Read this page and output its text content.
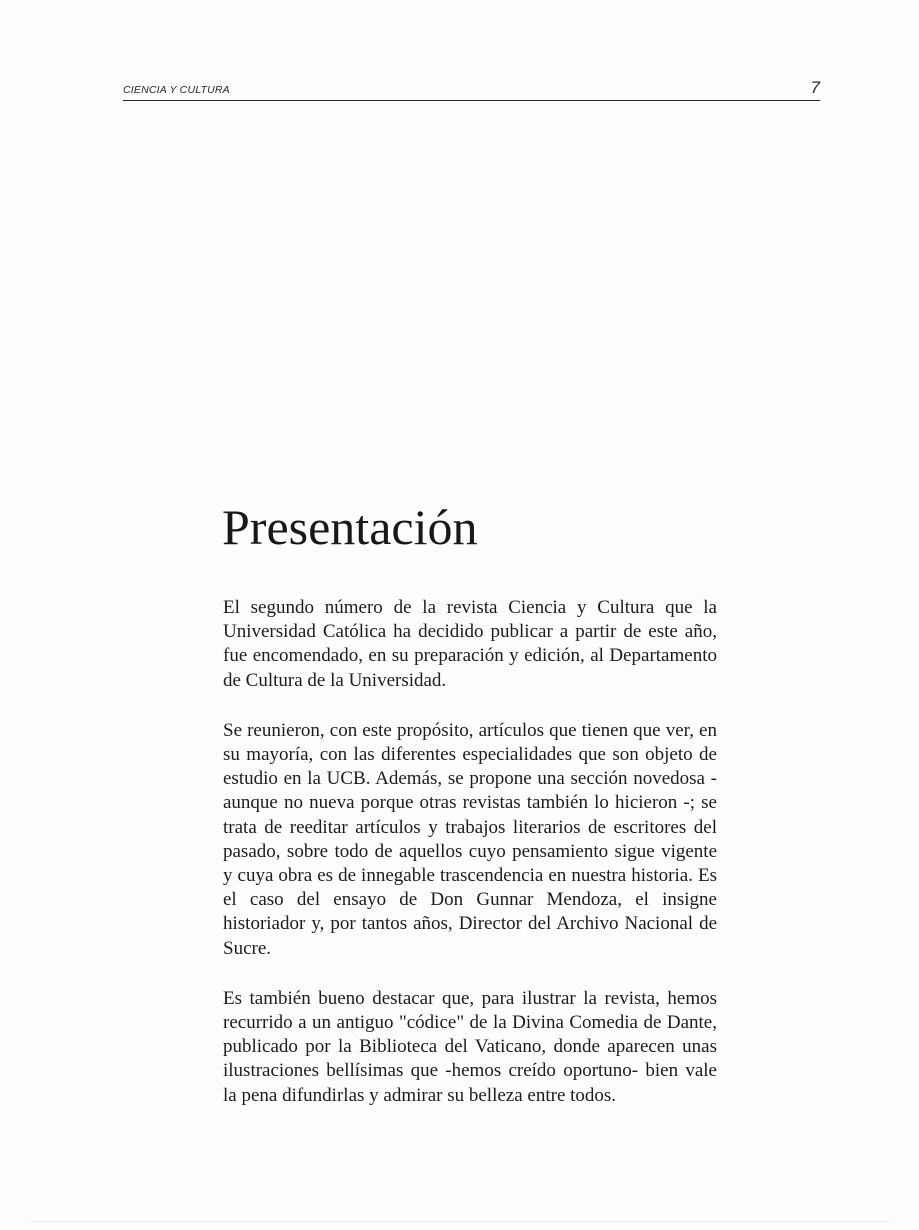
CIENCIA Y CULTURA	7
Presentación

El segundo número de la revista Ciencia y Cultura que la Universidad Católica ha decidido publicar a partir de este año, fue encomendado, en su preparación y edición, al Departamento de Cultura de la Universidad.

Se reunieron, con este propósito, artículos que tienen que ver, en su mayoría, con las diferentes especialidades que son objeto de estudio en la UCB. Además, se propone una sección novedosa - aunque no nueva porque otras revistas también lo hicieron -; se trata de reeditar artículos y trabajos literarios de escritores del pasado, sobre todo de aquellos cuyo pensamiento sigue vigente y cuya obra es de innegable trascendencia en nuestra historia. Es el caso del ensayo de Don Gunnar Mendoza, el insigne historiador y, por tantos años, Director del Archivo Nacional de Sucre.

Es también bueno destacar que, para ilustrar la revista, hemos recurrido a un antiguo "códice" de la Divina Comedia de Dante, publicado por la Biblioteca del Vaticano, donde aparecen unas ilustraciones bellísimas que -hemos creído oportuno- bien vale la pena difundirlas y admirar su belleza entre todos.
